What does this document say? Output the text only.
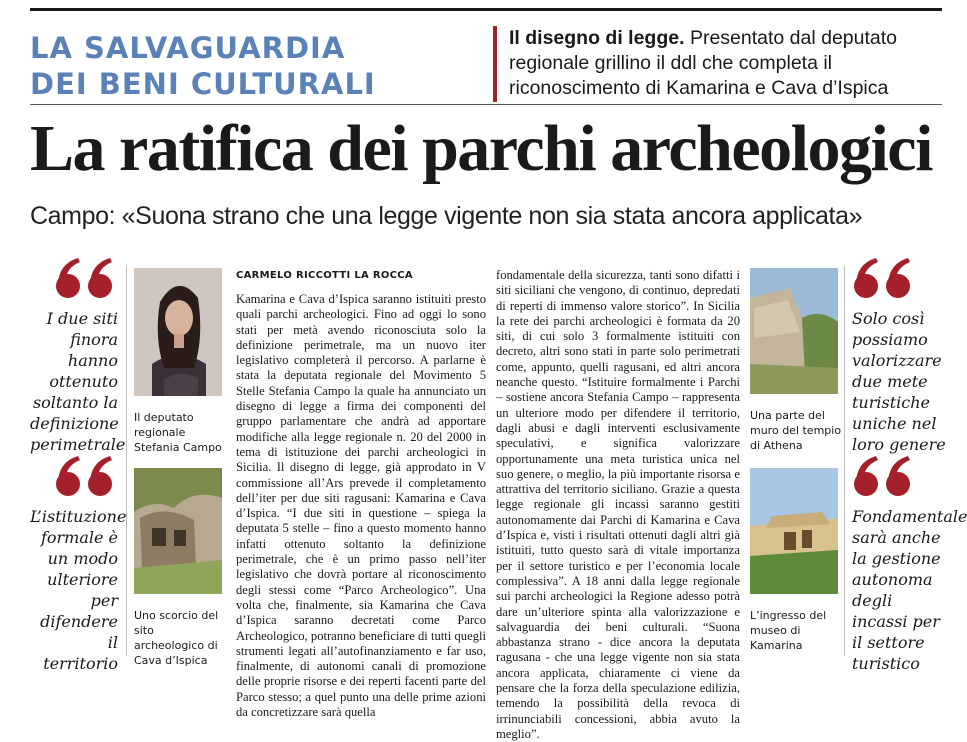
LA SALVAGUARDIA
DEI BENI CULTURALI
Il disegno di legge. Presentato dal deputato regionale grillino il ddl che completa il riconoscimento di Kamarina e Cava d’Ispica
La ratifica dei parchi archeologici
Campo: «Suona strano che una legge vigente non sia stata ancora applicata»
I due siti finora hanno ottenuto soltanto la definizione perimetrale
L’istituzione formale è un modo ulteriore per difendere il territorio
Il deputato regionale Stefania Campo
Uno scorcio del sito archeologico di Cava d’Ispica
CARMELO RICCOTTI LA ROCCA

Kamarina e Cava d’Ispica saranno istituiti presto quali parchi archeologici. Fino ad oggi lo sono stati per metà avendo riconosciuta solo la definizione perimetrale, ma un nuovo iter legislativo completerà il percorso. A parlarne è stata la deputata regionale del Movimento 5 Stelle Stefania Campo la quale ha annunciato un disegno di legge a firma dei componenti del gruppo parlamentare che andrà ad apportare modifiche alla legge regionale n. 20 del 2000 in tema di istituzione dei parchi archeologici in Sicilia. Il disegno di legge, già approdato in V commissione all’Ars prevede il completamento dell’iter per due siti ragusani: Kamarina e Cava d’Ispica. “I due siti in questione – spiega la deputata 5 stelle – fino a questo momento hanno infatti ottenuto soltanto la definizione perimetrale, che è un primo passo nell’iter legislativo che dovrà portare al riconoscimento degli stessi come “Parco Archeologico”. Una volta che, finalmente, sia Kamarina che Cava d’Ispica saranno decretati come Parco Archeologico, potranno beneficiare di tutti quegli strumenti legati all’autofinanziamento e far uso, finalmente, di autonomi canali di promozione delle proprie risorse e dei reperti facenti parte del Parco stesso; a quel punto una delle prime azioni da concretizzare sarà quella

fondamentale della sicurezza, tanti sono difatti i siti siciliani che vengono, di continuo, depredati di reperti di immenso valore storico”. In Sicilia la rete dei parchi archeologici è formata da 20 siti, di cui solo 3 formalmente istituiti con decreto, altri sono stati in parte solo perimetrati come, appunto, quelli ragusani, ed altri ancora neanche questo. “Istituire formalmente i Parchi – sostiene ancora Stefania Campo – rappresenta un ulteriore modo per difendere il territorio, dagli abusi e dagli interventi esclusivamente speculativi, e significa valorizzare opportunamente una meta turistica unica nel suo genere, o meglio, la più importante risorsa e attrattiva del territorio siciliano. Grazie a questa legge regionale gli incassi saranno gestiti autonomamente dai Parchi di Kamarina e Cava d’Ispica e, visti i risultati ottenuti dagli altri già istituiti, tutto questo sarà di vitale importanza per il settore turistico e per l’economia locale complessiva”. A 18 anni dalla legge regionale sui parchi archeologici la Regione adesso potrà dare un’ulteriore spinta alla valorizzazione e salvaguardia dei beni culturali. “Suona abbastanza strano - dice ancora la deputata ragusana - che una legge vigente non sia stata ancora applicata, chiaramente ci viene da pensare che la forza della speculazione edilizia, temendo la possibilità della revoca di irrinunciabili concessioni, abbia avuto la meglio”.

Una parte del muro del tempio di Athena
L’ingresso del museo di Kamarina
Solo così possiamo valorizzare due mete turistiche uniche nel loro genere
Fondamentale sarà anche la gestione autonoma degli incassi per il settore turistico
